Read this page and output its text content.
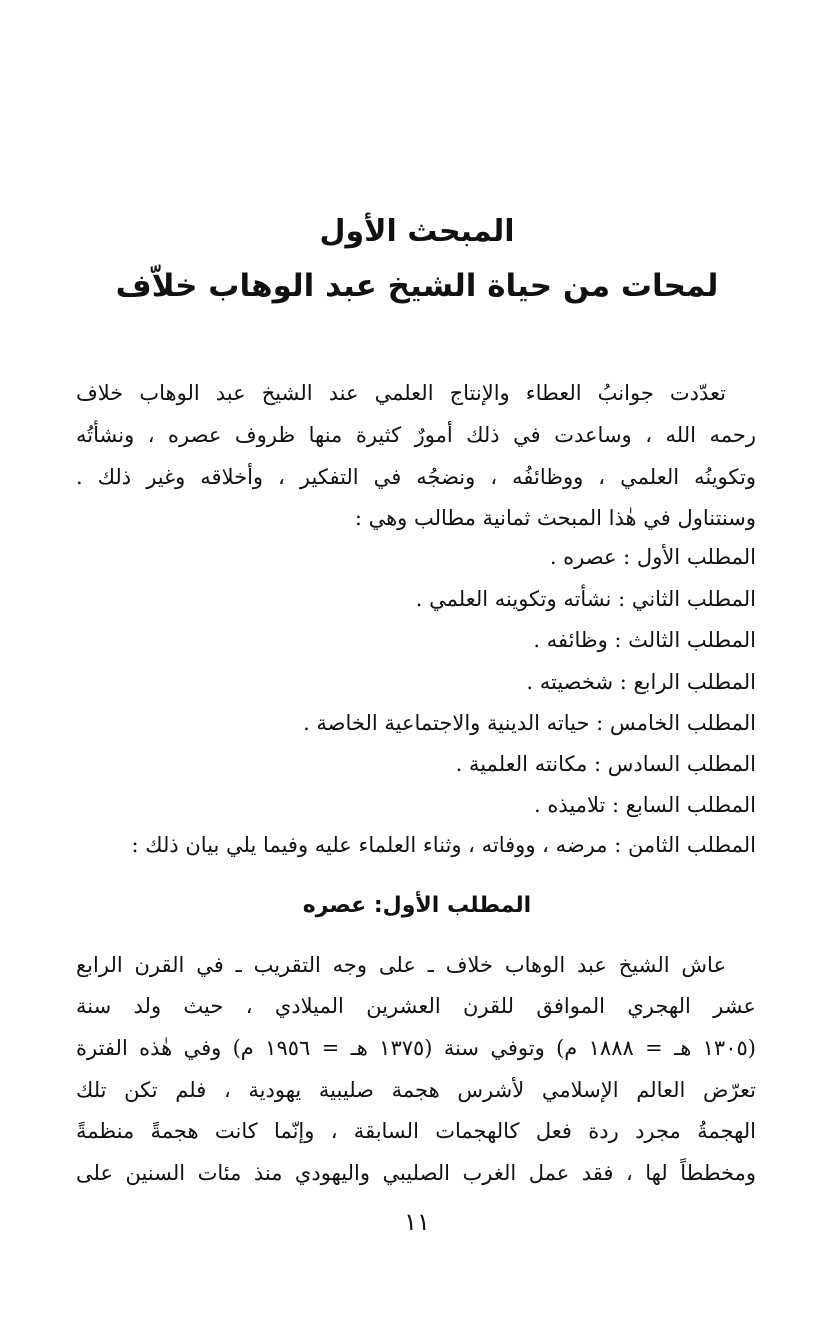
المبحث الأول
لمحات من حياة الشيخ عبد الوهاب خلاّف
تعدّدت جوانبُ العطاء والإنتاج العلمي عند الشيخ عبد الوهاب خلاف
رحمه الله ، وساعدت في ذلك أمورٌ كثيرة منها ظروف عصره ، ونشأتُه
وتكوينُه العلمي ، ووظائفُه ، ونضجُه في التفكير ، وأخلاقه وغير ذلك .
وسنتناول في هٰذا المبحث ثمانية مطالب وهي :
المطلب الأول : عصره .
المطلب الثاني : نشأته وتكوينه العلمي .
المطلب الثالث : وظائفه .
المطلب الرابع : شخصيته .
المطلب الخامس : حياته الدينية والاجتماعية الخاصة .
المطلب السادس : مكانته العلمية .
المطلب السابع : تلاميذه .
المطلب الثامن : مرضه ، ووفاته ، وثناء العلماء عليه وفيما يلي بيان ذلك :
المطلب الأول: عصره
عاش الشيخ عبد الوهاب خلاف ـ على وجه التقريب ـ في القرن الرابع
عشر الهجري الموافق للقرن العشرين الميلادي ، حيث ولد سنة
(١٣٠٥ هـ = ١٨٨٨ م) وتوفي سنة (١٣٧٥ هـ = ١٩٥٦ م) وفي هٰذه الفترة
تعرّض العالم الإسلامي لأشرس هجمة صليبية يهودية ، فلم تكن تلك
الهجمةُ مجرد ردة فعل كالهجمات السابقة ، وإنّما كانت هجمةً منظمةً
ومخططاً لها ، فقد عمل الغرب الصليبي واليهودي منذ مئات السنين على
١١
